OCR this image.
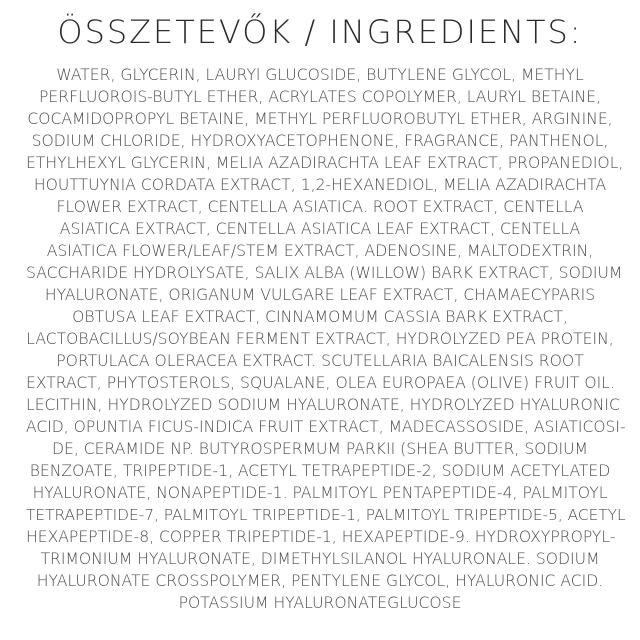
ÖSSZETEVŐK / INGREDIENTS:
WATER, GLYCERIN, LAURYl GLUCOSIDE, BUTYLENE GLYCOL, METHYL
PERFLUOROIS-BUTYL ETHER, ACRYLATES COPOLYMER, LAURYL BETAINE,
COCAMIDOPROPYL BETAINE, METHYL PERFLUOROBUTYL ETHER, ARGININE,
SODIUM CHLORIDE, HYDROXYACETOPHENONE, FRAGRANCE, PANTHENOL,
ETHYLHEXYL GLYCERIN, MELIA AZADIRACHTA LEAF EXTRACT, PROPANEDIOL,
HOUTTUYNIA CORDATA EXTRACT, 1,2-HEXANEDIOL, MELIA AZADIRACHTA
FLOWER EXTRACT, CENTELLA ASIATICA. ROOT EXTRACT, CENTELLA
ASIATICA EXTRACT, CENTELLA ASIATICA LEAF EXTRACT, CENTELLA
ASIATICA FLOWER/LEAF/STEM EXTRACT, ADENOSINE, MALTODEXTRIN,
SACCHARIDE HYDROLYSATE, SALIX ALBA (WILLOW) BARK EXTRACT, SODIUM
HYALURONATE, ORIGANUM VULGARE LEAF EXTRACT, CHAMAECYPARIS
OBTUSA LEAF EXTRACT, CINNAMOMUM CASSIA BARK EXTRACT,
LACTOBACILLUS/SOYBEAN FERMENT EXTRACT, HYDROLYZED PEA PROTEIN,
PORTULACA OLERACEA EXTRACT. SCUTELLARIA BAICALENSIS ROOT
EXTRACT, PHYTOSTEROLS, SQUALANE, OLEA EUROPAEA (OLIVE) FRUIT OIL.
LECITHIN, HYDROLYZED SODIUM HYALURONATE, HYDROLYZED HYALURONIC
ACID, OPUNTIA FICUS-INDICA FRUIT EXTRACT, MADECASSOSIDE, ASIATICOSI-
DE, CERAMIDE NP. BUTYROSPERMUM PARKII (SHEA BUTTER, SODIUM
BENZOATE, TRIPEPTIDE-1, ACETYL TETRAPEPTIDE-2, SODIUM ACETYLATED
HYALURONATE, NONAPEPTIDE-1. PALMITOYL PENTAPEPTIDE-4, PALMITOYL
TETRAPEPTIDE-7, PALMITOYL TRIPEPTIDE-1, PALMITOYL TRIPEPTIDE-5, ACETYL
HEXAPEPTIDE-8, COPPER TRIPEPTIDE-1, HEXAPEPTIDE-9. HYDROXYPROPYL-
TRIMONIUM HYALURONATE, DIMETHYLSILANOL HYALURONALE. SODIUM
HYALURONATE CROSSPOLYMER, PENTYLENE GLYCOL, HYALURONIC ACID.
POTASSIUM HYALURONATEGLUCOSE
